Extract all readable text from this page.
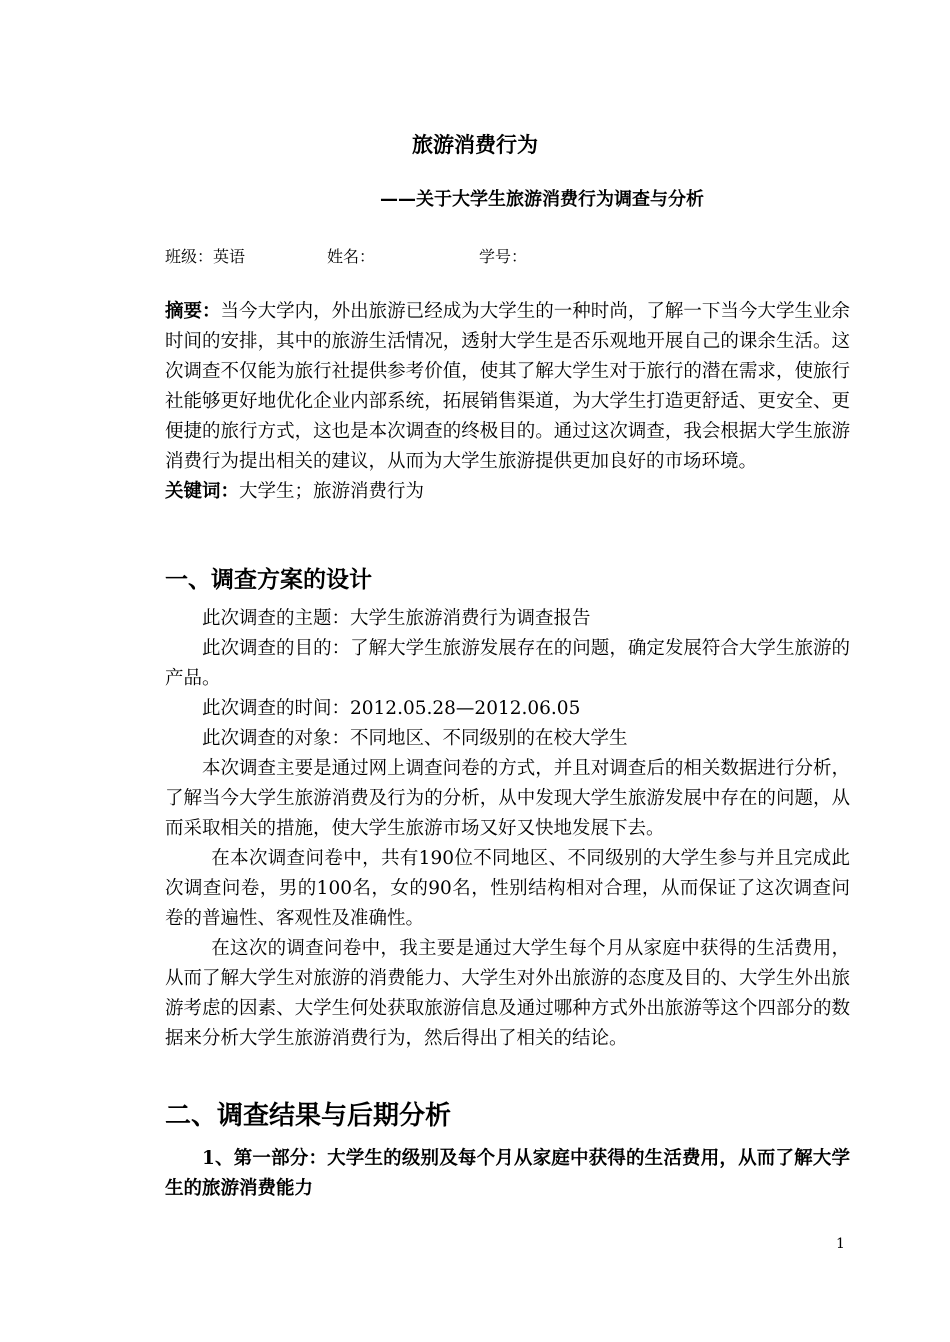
旅游消费行为
——关于大学生旅游消费行为调查与分析
班级：英语	姓名：	学号：

摘要：当今大学内，外出旅游已经成为大学生的一种时尚，了解一下当今大学生业余时间的安排，其中的旅游生活情况，透射大学生是否乐观地开展自己的课余生活。这次调查不仅能为旅行社提供参考价值，使其了解大学生对于旅行的潜在需求，使旅行社能够更好地优化企业内部系统，拓展销售渠道，为大学生打造更舒适、更安全、更便捷的旅行方式，这也是本次调查的终极目的。通过这次调查，我会根据大学生旅游消费行为提出相关的建议，从而为大学生旅游提供更加良好的市场环境。

关键词：大学生；旅游消费行为

一、调查方案的设计

此次调查的主题：大学生旅游消费行为调查报告

此次调查的目的：了解大学生旅游发展存在的问题，确定发展符合大学生旅游的产品。

此次调查的时间：2012.05.28—2012.06.05

此次调查的对象：不同地区、不同级别的在校大学生

本次调查主要是通过网上调查问卷的方式，并且对调查后的相关数据进行分析，了解当今大学生旅游消费及行为的分析，从中发现大学生旅游发展中存在的问题，从而采取相关的措施，使大学生旅游市场又好又快地发展下去。

在本次调查问卷中，共有190位不同地区、不同级别的大学生参与并且完成此次调查问卷，男的100名，女的90名，性别结构相对合理，从而保证了这次调查问卷的普遍性、客观性及准确性。

在这次的调查问卷中，我主要是通过大学生每个月从家庭中获得的生活费用，从而了解大学生对旅游的消费能力、大学生对外出旅游的态度及目的、大学生外出旅游考虑的因素、大学生何处获取旅游信息及通过哪种方式外出旅游等这个四部分的数据来分析大学生旅游消费行为，然后得出了相关的结论。

二、调查结果与后期分析

1、第一部分：大学生的级别及每个月从家庭中获得的生活费用，从而了解大学生的旅游消费能力

1
